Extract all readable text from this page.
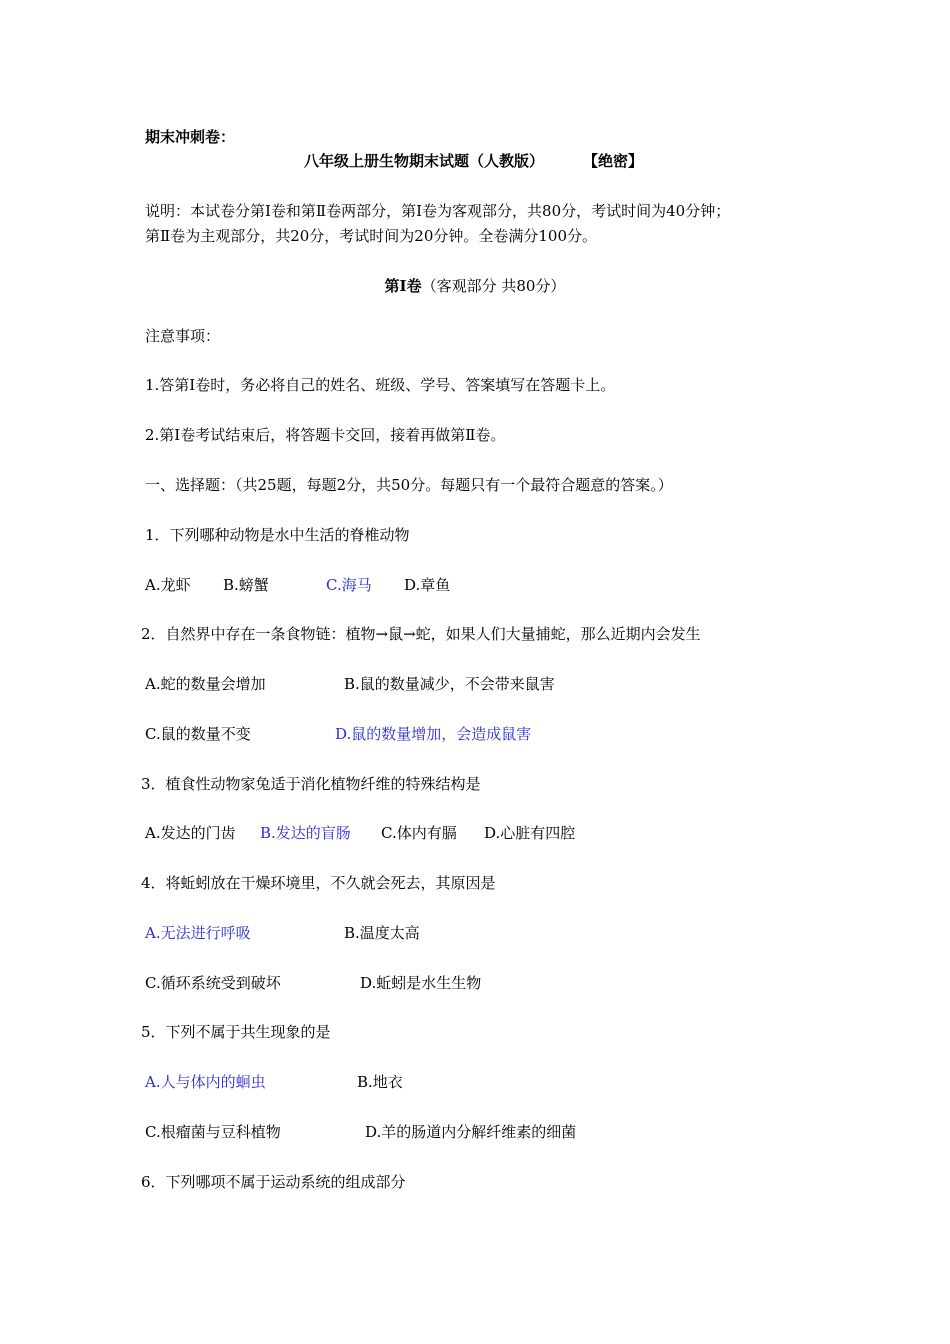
期末冲刺卷：
八年级上册生物期末试题（人教版）	【绝密】
说明：本试卷分第Ⅰ卷和第Ⅱ卷两部分，第Ⅰ卷为客观部分，共80分，考试时间为40分钟；
第Ⅱ卷为主观部分，共20分，考试时间为20分钟。全卷满分100分。
第Ⅰ卷（客观部分 共80分）
注意事项：
1.答第Ⅰ卷时，务必将自己的姓名、班级、学号、答案填写在答题卡上。
2.第Ⅰ卷考试结束后，将答题卡交回，接着再做第Ⅱ卷。
一、选择题：（共25题，每题2分，共50分。每题只有一个最符合题意的答案。）
1．下列哪种动物是水中生活的脊椎动物
A.龙虾 B.螃蟹	C.海马 D.章鱼
2．自然界中存在一条食物链：植物→鼠→蛇，如果人们大量捕蛇，那么近期内会发生
A.蛇的数量会增加	B.鼠的数量减少，不会带来鼠害
C.鼠的数量不变	D.鼠的数量增加，会造成鼠害
3．植食性动物家兔适于消化植物纤维的特殊结构是
A.发达的门齿 B.发达的盲肠 C.体内有膈 D.心脏有四腔
4．将蚯蚓放在干燥环境里，不久就会死去，其原因是
A.无法进行呼吸	B.温度太高
C.循环系统受到破坏	D.蚯蚓是水生生物
5．下列不属于共生现象的是
A.人与体内的蛔虫	B.地衣
C.根瘤菌与豆科植物	D.羊的肠道内分解纤维素的细菌
6．下列哪项不属于运动系统的组成部分
